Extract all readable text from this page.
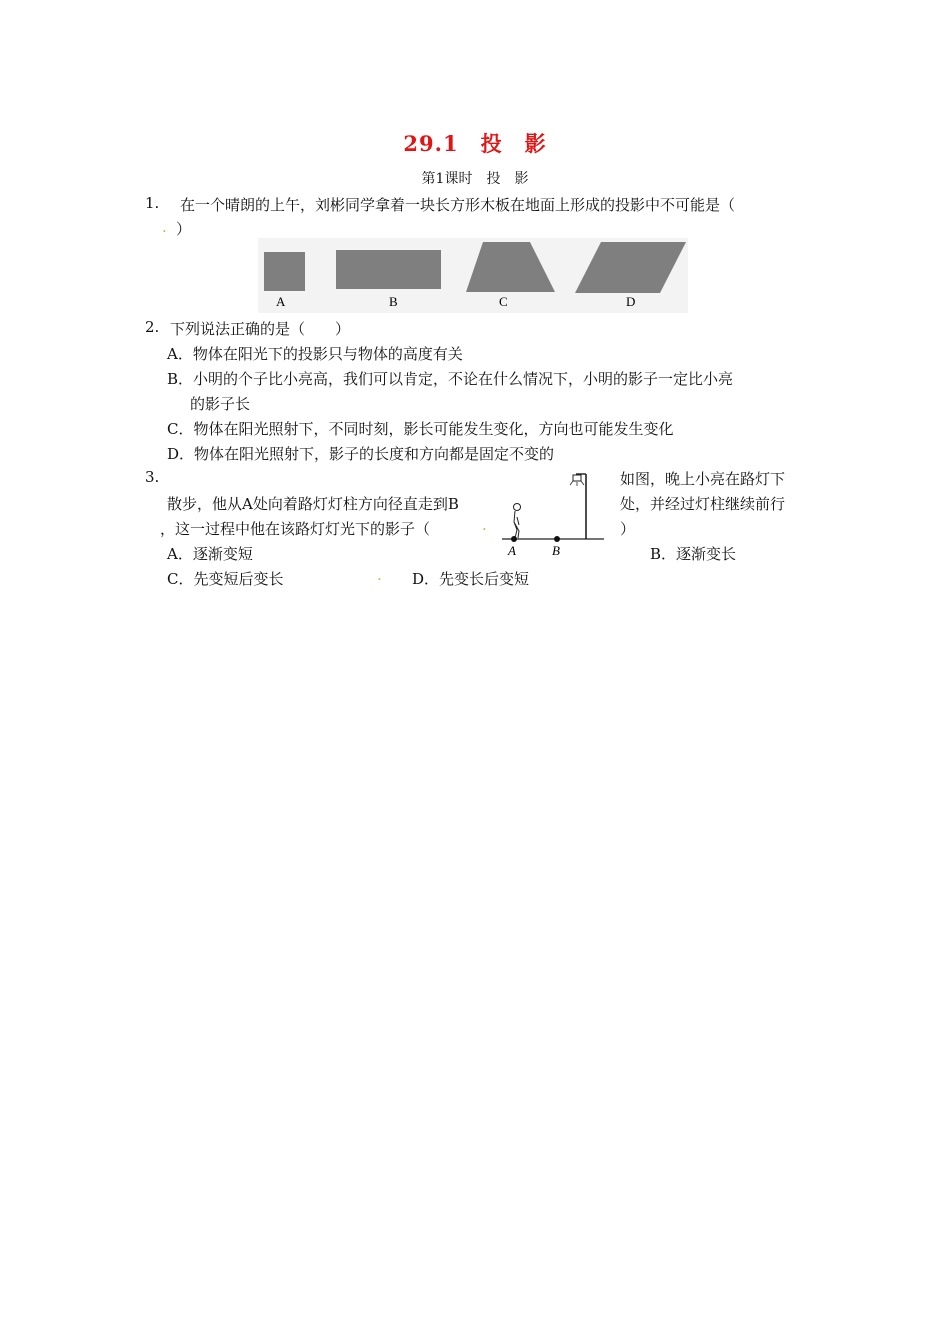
29.1　投　影
第1课时　投　影
1. 在一个晴朗的上午，刘彬同学拿着一块长方形木板在地面上形成的投影中不可能是（
）
·
A	B	C	D
2. 下列说法正确的是（　　）
A．物体在阳光下的投影只与物体的高度有关
B．小明的个子比小亮高，我们可以肯定，不论在什么情况下，小明的影子一定比小亮
的影子长
C．物体在阳光照射下，不同时刻，影长可能发生变化，方向也可能发生变化
D．物体在阳光照射下，影子的长度和方向都是固定不变的
3.	如图，晚上小亮在路灯下
散步，他从A处向着路灯灯柱方向径直走到B	处，并经过灯柱继续前行
，这一过程中他在该路灯灯光下的影子（	）
·
A	B
A．逐渐变短	B．逐渐变长
C．先变短后变长	D．先变长后变短
·
